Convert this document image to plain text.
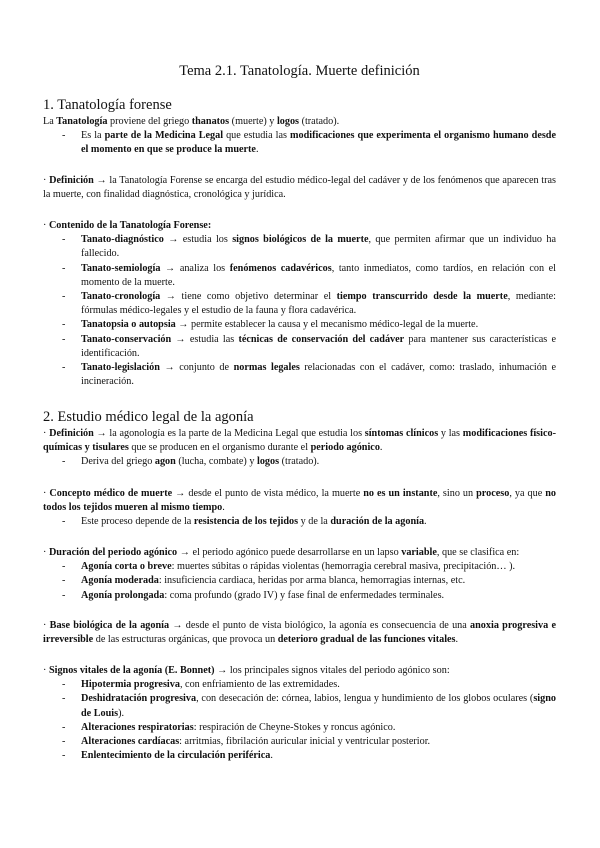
Tema 2.1. Tanatología. Muerte definición
1. Tanatología forense
La Tanatología proviene del griego thanatos (muerte) y logos (tratado).
- Es la parte de la Medicina Legal que estudia las modificaciones que experimenta el organismo humano desde el momento en que se produce la muerte.
· Definición → la Tanatología Forense se encarga del estudio médico-legal del cadáver y de los fenómenos que aparecen tras la muerte, con finalidad diagnóstica, cronológica y jurídica.
· Contenido de la Tanatología Forense:
- Tanato-diagnóstico → estudia los signos biológicos de la muerte, que permiten afirmar que un individuo ha fallecido.
- Tanato-semiología → analiza los fenómenos cadavéricos, tanto inmediatos, como tardíos, en relación con el momento de la muerte.
- Tanato-cronología → tiene como objetivo determinar el tiempo transcurrido desde la muerte, mediante: fórmulas médico-legales y el estudio de la fauna y flora cadavérica.
- Tanatopsia o autopsia → permite establecer la causa y el mecanismo médico-legal de la muerte.
- Tanato-conservación → estudia las técnicas de conservación del cadáver para mantener sus características e identificación.
- Tanato-legislación → conjunto de normas legales relacionadas con el cadáver, como: traslado, inhumación e incineración.
2. Estudio médico legal de la agonía
· Definición → la agonología es la parte de la Medicina Legal que estudia los síntomas clínicos y las modificaciones físico-químicas y tisulares que se producen en el organismo durante el periodo agónico.
- Deriva del griego agon (lucha, combate) y logos (tratado).
· Concepto médico de muerte → desde el punto de vista médico, la muerte no es un instante, sino un proceso, ya que no todos los tejidos mueren al mismo tiempo.
- Este proceso depende de la resistencia de los tejidos y de la duración de la agonía.
· Duración del periodo agónico → el periodo agónico puede desarrollarse en un lapso variable, que se clasifica en:
- Agonía corta o breve: muertes súbitas o rápidas violentas (hemorragia cerebral masiva, precipitación… ).
- Agonía moderada: insuficiencia cardiaca, heridas por arma blanca, hemorragias internas, etc.
- Agonía prolongada: coma profundo (grado IV) y fase final de enfermedades terminales.
· Base biológica de la agonía → desde el punto de vista biológico, la agonía es consecuencia de una anoxia progresiva e irreversible de las estructuras orgánicas, que provoca un deterioro gradual de las funciones vitales.
· Signos vitales de la agonía (E. Bonnet) → los principales signos vitales del periodo agónico son:
- Hipotermia progresiva, con enfriamiento de las extremidades.
- Deshidratación progresiva, con desecación de: córnea, labios, lengua y hundimiento de los globos oculares (signo de Louis).
- Alteraciones respiratorias: respiración de Cheyne-Stokes y roncus agónico.
- Alteraciones cardíacas: arritmias, fibrilación auricular inicial y ventricular posterior.
- Enlentecimiento de la circulación periférica.
